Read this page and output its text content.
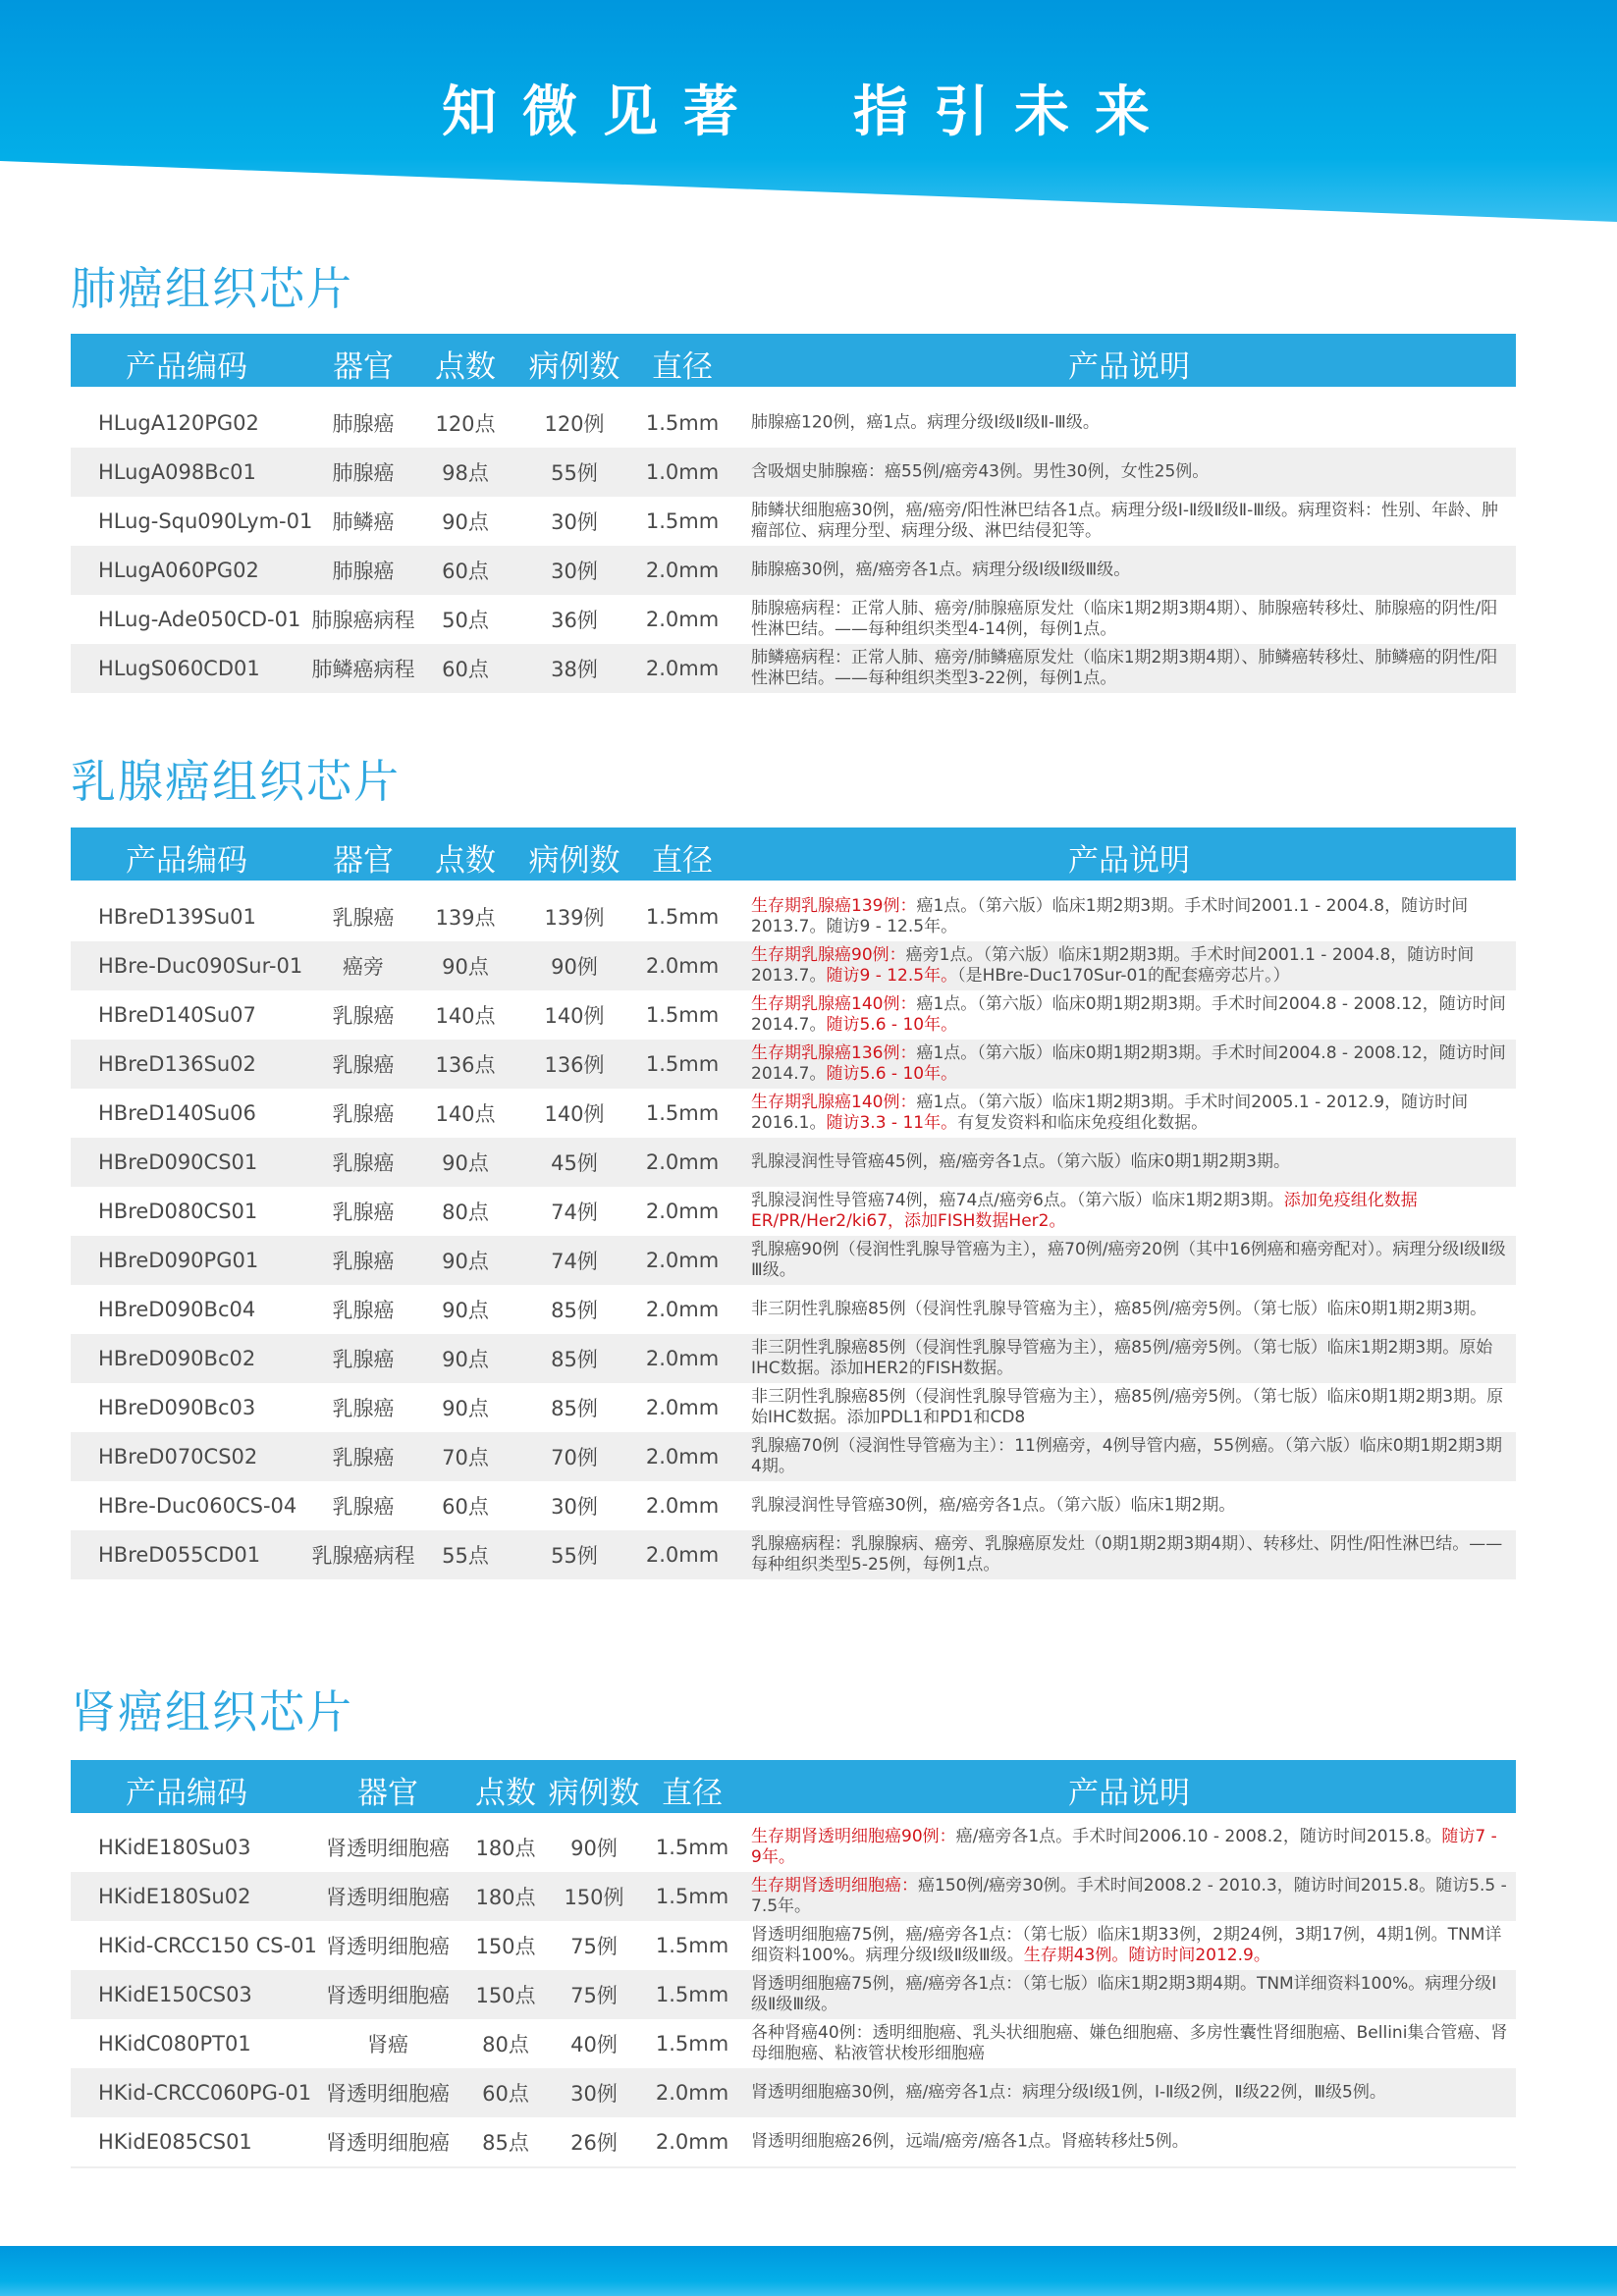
知微见著  指引未来
肺癌组织芯片
产品编码	器官 点数 病例数 直径	产品说明
HLugA120PG02	肺腺癌 120点 120例 1.5mm 肺腺癌120例，癌1点。病理分级Ⅰ级Ⅱ级Ⅱ-Ⅲ级。
HLugA098Bc01	肺腺癌 98点	55例 1.0mm 含吸烟史肺腺癌：癌55例/癌旁43例。男性30例，女性25例。
HLug-Squ090Lym-01 肺鳞癌 90点	30例 1.5mm 肺鳞状细胞癌30例，癌/癌旁/阳性淋巴结各1点。病理分级Ⅰ-Ⅱ级Ⅱ级Ⅱ-Ⅲ级。病理资料：性别、年龄、肿瘤部位、病理分型、病理分级、淋巴结侵犯等。
HLugA060PG02	肺腺癌 60点	30例 2.0mm 肺腺癌30例，癌/癌旁各1点。病理分级Ⅰ级Ⅱ级Ⅲ级。
HLug-Ade050CD-01 肺腺癌病程 50点	36例 2.0mm 肺腺癌病程：正常人肺、癌旁/肺腺癌原发灶（临床1期2期3期4期）、肺腺癌转移灶、肺腺癌的阴性/阳性淋巴结。——每种组织类型4-14例，每例1点。
HLugS060CD01	肺鳞癌病程 60点	38例 2.0mm 肺鳞癌病程：正常人肺、癌旁/肺鳞癌原发灶（临床1期2期3期4期）、肺鳞癌转移灶、肺鳞癌的阴性/阳性淋巴结。——每种组织类型3-22例，每例1点。
乳腺癌组织芯片
产品编码	器官 点数 病例数 直径	产品说明
HBreD139Su01	乳腺癌 139点 139例 1.5mm 生存期乳腺癌139例：癌1点。（第六版）临床1期2期3期。手术时间2001.1 - 2004.8，随访时间2013.7。随访9 - 12.5年。
HBre-Duc090Sur-01 癌旁	90点	90例 2.0mm 生存期乳腺癌90例：癌旁1点。（第六版）临床1期2期3期。手术时间2001.1 - 2004.8，随访时间2013.7。随访9 - 12.5年。（是HBre-Duc170Sur-01的配套癌旁芯片。）
HBreD140Su07	乳腺癌 140点 140例 1.5mm 生存期乳腺癌140例：癌1点。（第六版）临床0期1期2期3期。手术时间2004.8 - 2008.12，随访时间2014.7。随访5.6 - 10年。
HBreD136Su02	乳腺癌 136点 136例 1.5mm 生存期乳腺癌136例：癌1点。（第六版）临床0期1期2期3期。手术时间2004.8 - 2008.12，随访时间2014.7。随访5.6 - 10年。
HBreD140Su06	乳腺癌 140点 140例 1.5mm 生存期乳腺癌140例：癌1点。（第六版）临床1期2期3期。手术时间2005.1 - 2012.9，随访时间2016.1。随访3.3 - 11年。有复发资料和临床免疫组化数据。
HBreD090CS01	乳腺癌 90点	45例 2.0mm 乳腺浸润性导管癌45例，癌/癌旁各1点。（第六版）临床0期1期2期3期。
HBreD080CS01	乳腺癌 80点	74例 2.0mm 乳腺浸润性导管癌74例，癌74点/癌旁6点。（第六版）临床1期2期3期。添加免疫组化数据ER/PR/Her2/ki67，添加FISH数据Her2。
HBreD090PG01	乳腺癌 90点	74例 2.0mm 乳腺癌90例（侵润性乳腺导管癌为主），癌70例/癌旁20例（其中16例癌和癌旁配对）。病理分级Ⅰ级Ⅱ级Ⅲ级。
HBreD090Bc04	乳腺癌 90点	85例 2.0mm 非三阴性乳腺癌85例（侵润性乳腺导管癌为主），癌85例/癌旁5例。（第七版）临床0期1期2期3期。
HBreD090Bc02	乳腺癌 90点	85例 2.0mm 非三阴性乳腺癌85例（侵润性乳腺导管癌为主），癌85例/癌旁5例。（第七版）临床1期2期3期。原始IHC数据。添加HER2的FISH数据。
HBreD090Bc03	乳腺癌 90点	85例 2.0mm 非三阴性乳腺癌85例（侵润性乳腺导管癌为主），癌85例/癌旁5例。（第七版）临床0期1期2期3期。原始IHC数据。添加PDL1和PD1和CD8
HBreD070CS02	乳腺癌 70点	70例 2.0mm 乳腺癌70例（浸润性导管癌为主）：11例癌旁，4例导管内癌，55例癌。（第六版）临床0期1期2期3期4期。
HBre-Duc060CS-04 乳腺癌 60点	30例 2.0mm 乳腺浸润性导管癌30例，癌/癌旁各1点。（第六版）临床1期2期。
HBreD055CD01 乳腺癌病程 55点	55例 2.0mm 乳腺癌病程：乳腺腺病、癌旁、乳腺癌原发灶（0期1期2期3期4期）、转移灶、阴性/阳性淋巴结。——每种组织类型5-25例，每例1点。
肾癌组织芯片
产品编码	器官 点数 病例数 直径	产品说明
HKidE180Su03	肾透明细胞癌 180点 90例 1.5mm 生存期肾透明细胞癌90例：癌/癌旁各1点。手术时间2006.10 - 2008.2，随访时间2015.8。随访7 - 9年。
HKidE180Su02	肾透明细胞癌 180点 150例 1.5mm 生存期肾透明细胞癌：癌150例/癌旁30例。手术时间2008.2 - 2010.3，随访时间2015.8。随访5.5 - 7.5年。
HKid-CRCC150 CS-01 肾透明细胞癌 150点 75例 1.5mm 肾透明细胞癌75例，癌/癌旁各1点：（第七版）临床1期33例，2期24例，3期17例，4期1例。TNM详细资料100%。病理分级Ⅰ级Ⅱ级Ⅲ级。生存期43例。随访时间2012.9。
HKidE150CS03	肾透明细胞癌 150点 75例 1.5mm 肾透明细胞癌75例，癌/癌旁各1点：（第七版）临床1期2期3期4期。TNM详细资料100%。病理分级Ⅰ级Ⅱ级Ⅲ级。
HKidC080PT01	肾癌	80点 40例 1.5mm 各种肾癌40例：透明细胞癌、乳头状细胞癌、嫌色细胞癌、多房性囊性肾细胞癌、Bellini集合管癌、肾母细胞癌、粘液管状梭形细胞癌
HKid-CRCC060PG-01 肾透明细胞癌 60点 30例 2.0mm 肾透明细胞癌30例，癌/癌旁各1点：病理分级Ⅰ级1例，Ⅰ-Ⅱ级2例，Ⅱ级22例，Ⅲ级5例。
HKidE085CS01	肾透明细胞癌 85点 26例 2.0mm 肾透明细胞癌26例，远端/癌旁/癌各1点。肾癌转移灶5例。
